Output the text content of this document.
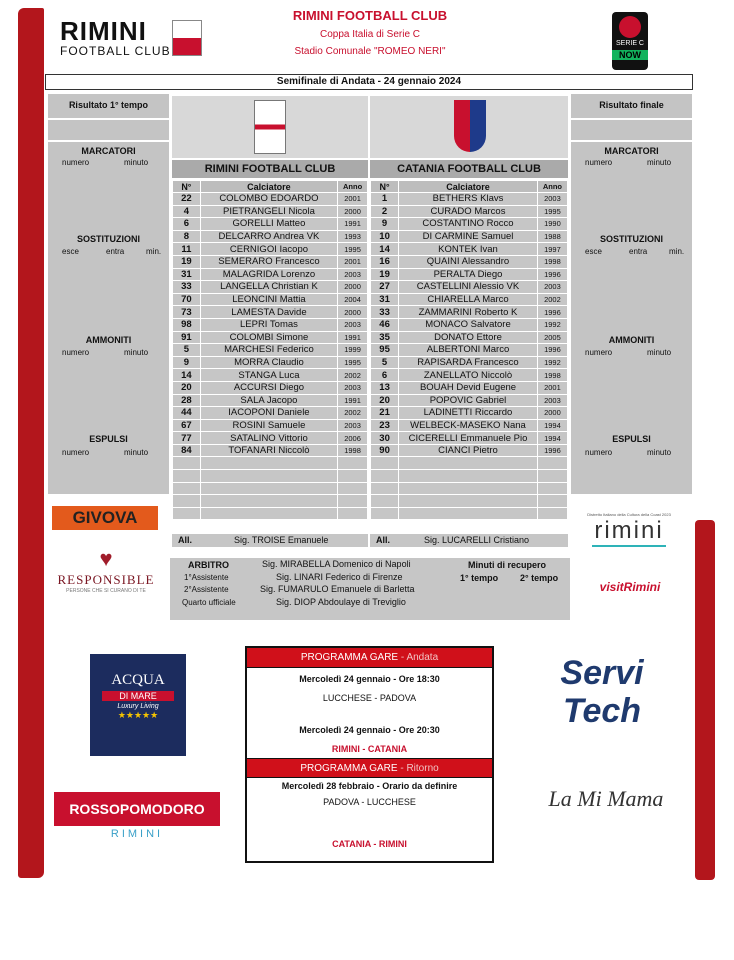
RIMINI
FOOTBALL CLUB
RIMINI FOOTBALL CLUB
Coppa Italia di Serie C
Stadio Comunale "ROMEO NERI"
SERIE C
NOW
Semifinale di Andata - 24 gennaio 2024
Risultato 1° tempo
MARCATORI
numero	minuto
SOSTITUZIONI
esce	entra	min.
AMMONITI
numero	minuto
ESPULSI
numero	minuto
Risultato finale
MARCATORI
numero	minuto
SOSTITUZIONI
esce	entra	min.
AMMONITI
numero	minuto
ESPULSI
numero	minuto
RIMINI FOOTBALL CLUB	CATANIA FOOTBALL CLUB
N°	Calciatore	Anno
22	COLOMBO EDOARDO	2001
4	PIETRANGELI Nicola	2000
6	GORELLI Matteo	1991
8	DELCARRO Andrea VK	1993
11	CERNIGOI Iacopo	1995
19	SEMERARO Francesco	2001
31	MALAGRIDA Lorenzo	2003
33	LANGELLA Christian K	2000
70	LEONCINI Mattia	2004
73	LAMESTA Davide	2000
98	LEPRI Tomas	2003
91	COLOMBI Simone	1991
5	MARCHESI Federico	1999
9	MORRA Claudio	1995
14	STANGA Luca	2002
20	ACCURSI Diego	2003
28	SALA Jacopo	1991
44	IACOPONI Daniele	2002
67	ROSINI Samuele	2003
77	SATALINO Vittorio	2006
84	TOFANARI Niccolò	1998

N°	Calciatore	Anno
1	BETHERS Klavs	2003
2	CURADO Marcos	1995
9	COSTANTINO Rocco	1990
10	DI CARMINE Samuel	1988
14	KONTEK Ivan	1997
16	QUAINI Alessandro	1998
19	PERALTA Diego	1996
27	CASTELLINI Alessio VK	2003
31	CHIARELLA Marco	2002
33	ZAMMARINI Roberto K	1996
46	MONACO Salvatore	1992
35	DONATO Ettore	2005
95	ALBERTONI Marco	1996
5	RAPISARDA Francesco	1992
6	ZANELLATO Niccolò	1998
13	BOUAH Devid Eugene	2001
20	POPOVIC Gabriel	2003
21	LADINETTI Riccardo	2000
23	WELBECK-MASEKO Nana	1994
30	CICERELLI Emmanuele Pio	1994
90	CIANCI Pietro	1996

All.	Sig. TROISE Emanuele	All.	Sig. LUCARELLI Cristiano
ARBITRO	Sig. MIRABELLA Domenico di Napoli
1°Assistente	Sig. LINARI Federico di Firenze
2°Assistente	Sig. FUMARULO Emanuele di Barletta
Quarto ufficiale	Sig. DIOP Abdoulaye di Treviglio
Minuti di recupero
1° tempo 2° tempo
GIVOVA
♥
RESPONSIBLE
PERSONE CHE SI CURANO DI TE
ACQUA
DI MARE
Luxury Living
★★★★★
ROSSOPOMODORO
RIMINI
Distretto Italiano della Cultura della Coast 2023
rimini
visitRimini
Servi
Tech
La Mi Mama
PROGRAMMA GARE - Andata
Mercoledì 24 gennaio - Ore 18:30
LUCCHESE - PADOVA
Mercoledì 24 gennaio - Ore 20:30
RIMINI - CATANIA
PROGRAMMA GARE - Ritorno
Mercoledì 28 febbraio - Orario da definire
PADOVA - LUCCHESE
CATANIA - RIMINI
